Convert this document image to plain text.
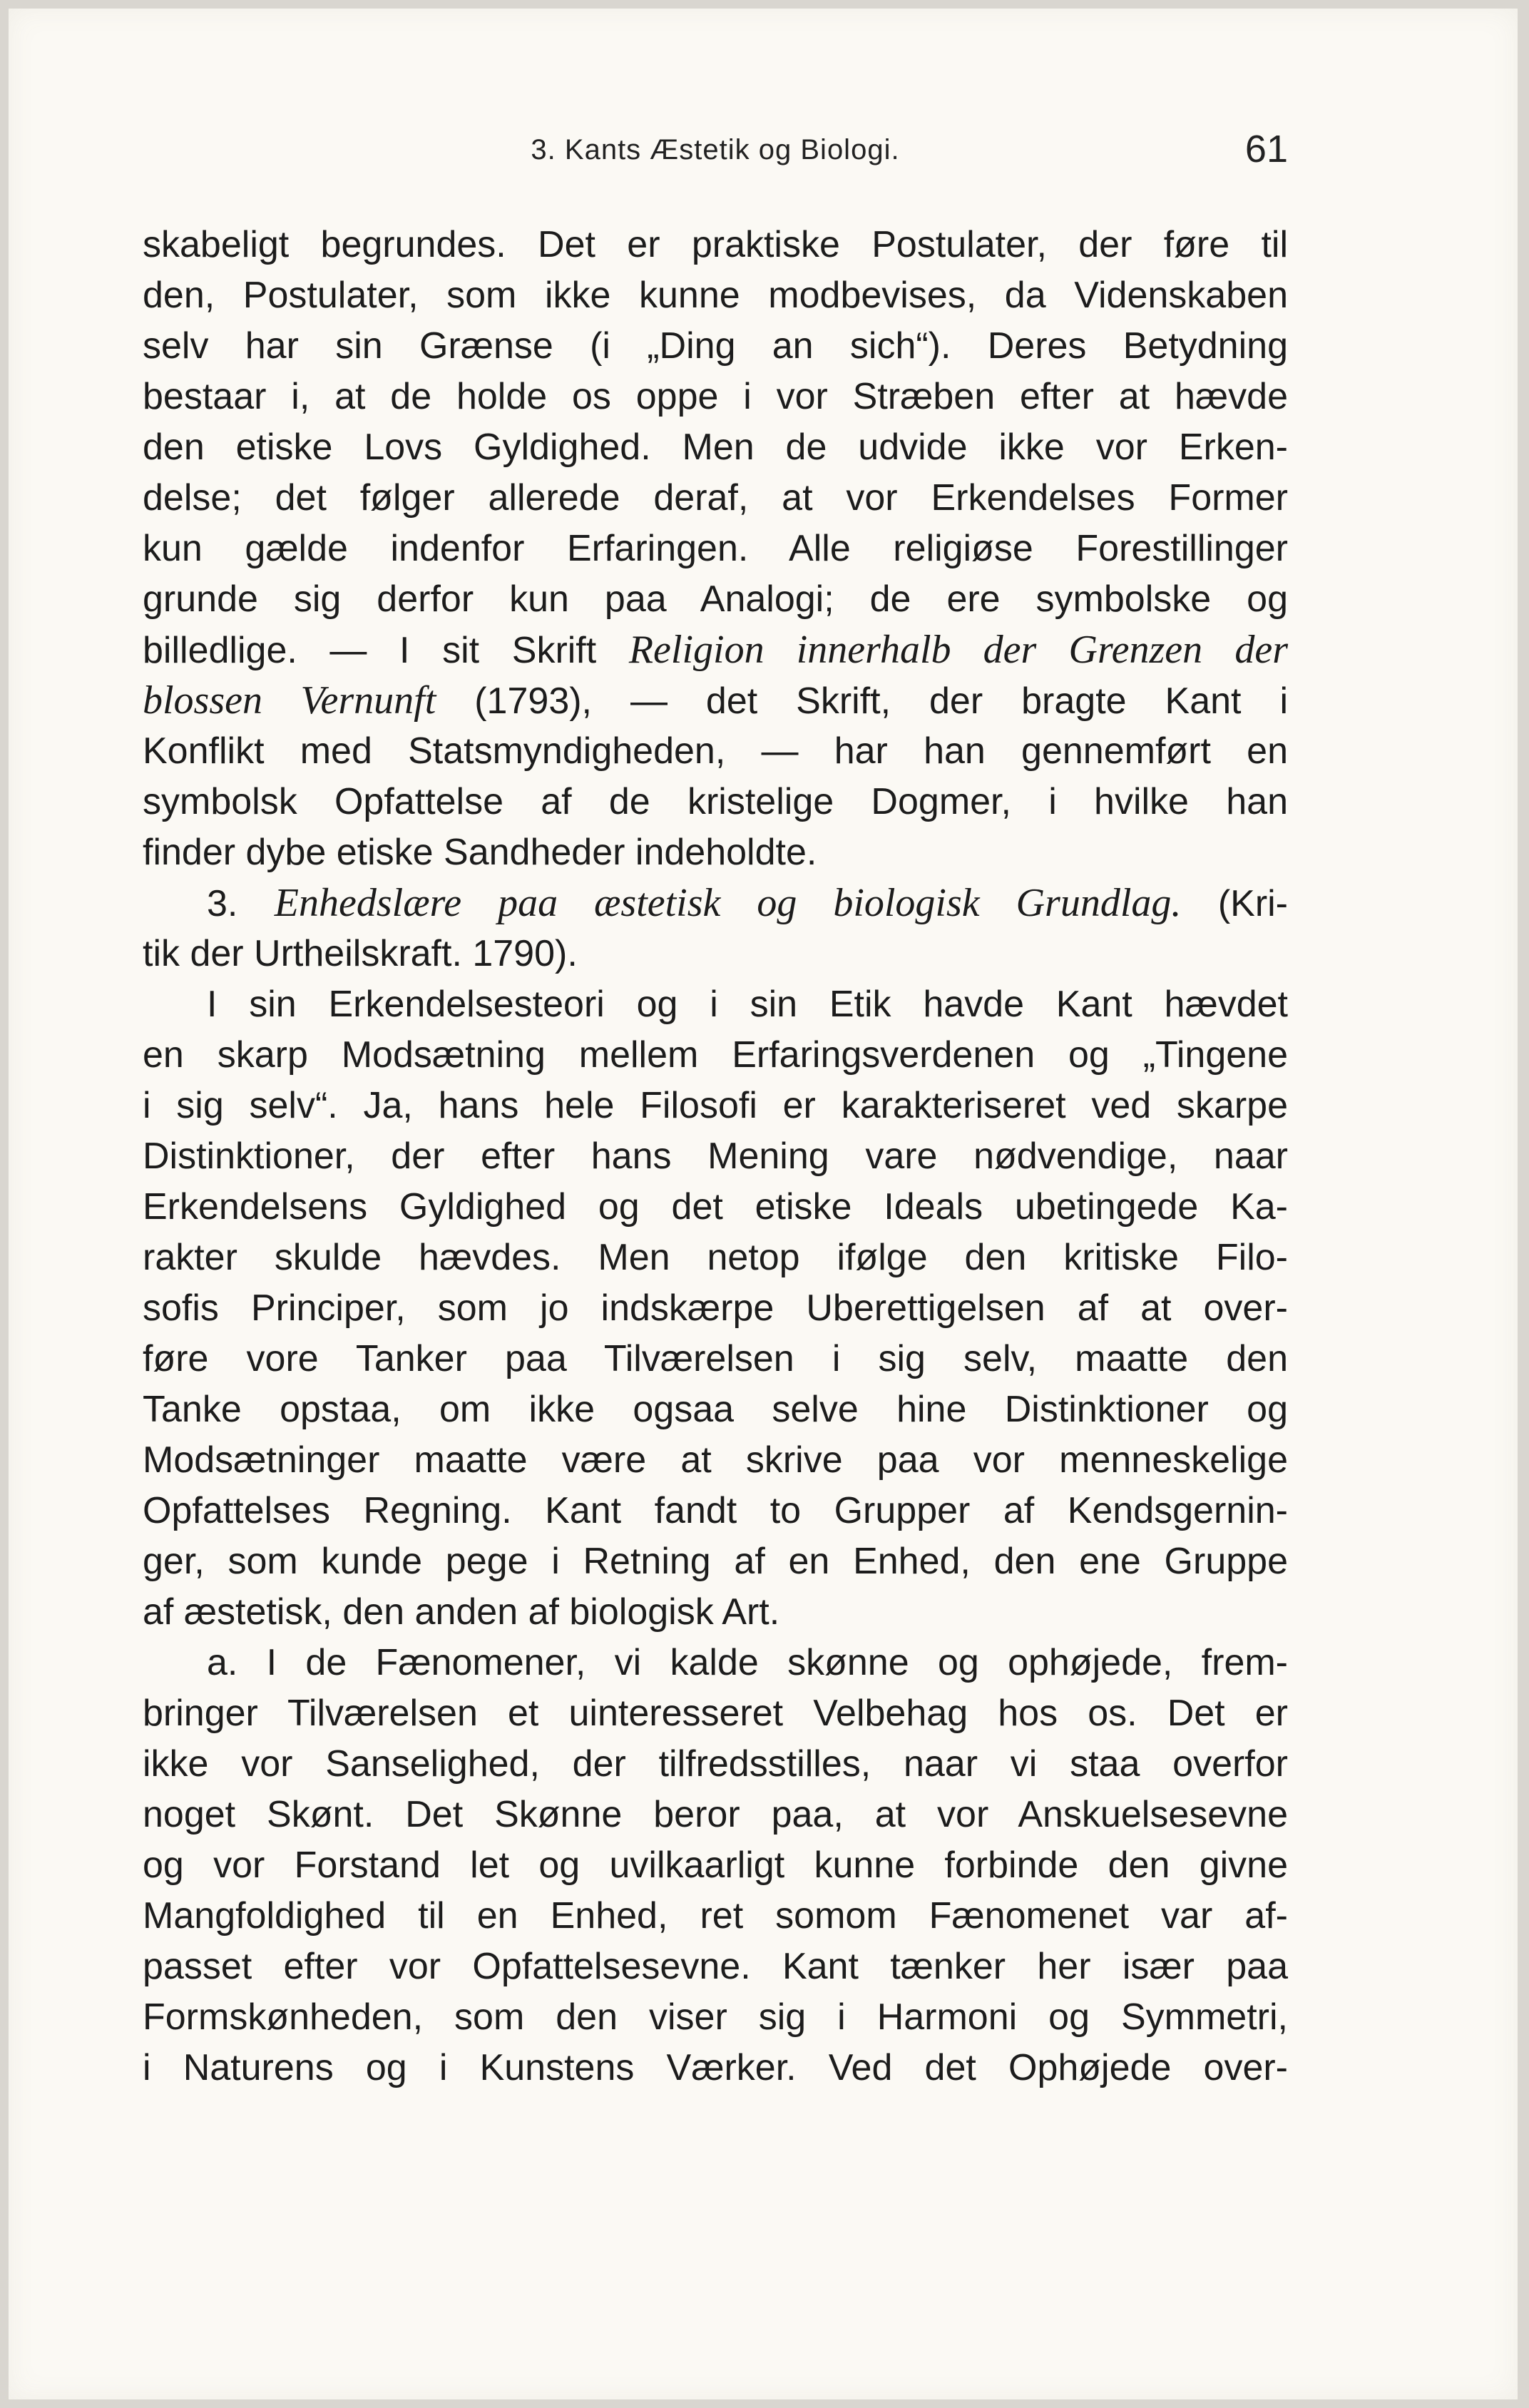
3. Kants Æstetik og Biologi.	61
skabeligt begrundes. Det er praktiske Postulater, der føre til
den, Postulater, som ikke kunne modbevises, da Videnskaben
selv har sin Grænse (i „Ding an sich“). Deres Betydning
bestaar i, at de holde os oppe i vor Stræben efter at hævde
den etiske Lovs Gyldighed. Men de udvide ikke vor Erken-
delse; det følger allerede deraf, at vor Erkendelses Former
kun gælde indenfor Erfaringen. Alle religiøse Forestillinger
grunde sig derfor kun paa Analogi; de ere symbolske og
billedlige. — I sit Skrift Religion innerhalb der Grenzen der
blossen Vernunft (1793), — det Skrift, der bragte Kant i
Konflikt med Statsmyndigheden, — har han gennemført en
symbolsk Opfattelse af de kristelige Dogmer, i hvilke han
finder dybe etiske Sandheder indeholdte.
3. Enhedslære paa æstetisk og biologisk Grundlag. (Kri-
tik der Urtheilskraft. 1790).
I sin Erkendelsesteori og i sin Etik havde Kant hævdet
en skarp Modsætning mellem Erfaringsverdenen og „Tingene
i sig selv“. Ja, hans hele Filosofi er karakteriseret ved skarpe
Distinktioner, der efter hans Mening vare nødvendige, naar
Erkendelsens Gyldighed og det etiske Ideals ubetingede Ka-
rakter skulde hævdes. Men netop ifølge den kritiske Filo-
sofis Principer, som jo indskærpe Uberettigelsen af at over-
føre vore Tanker paa Tilværelsen i sig selv, maatte den
Tanke opstaa, om ikke ogsaa selve hine Distinktioner og
Modsætninger maatte være at skrive paa vor menneskelige
Opfattelses Regning. Kant fandt to Grupper af Kendsgernin-
ger, som kunde pege i Retning af en Enhed, den ene Gruppe
af æstetisk, den anden af biologisk Art.
a. I de Fænomener, vi kalde skønne og ophøjede, frem-
bringer Tilværelsen et uinteresseret Velbehag hos os. Det er
ikke vor Sanselighed, der tilfredsstilles, naar vi staa overfor
noget Skønt. Det Skønne beror paa, at vor Anskuelsesevne
og vor Forstand let og uvilkaarligt kunne forbinde den givne
Mangfoldighed til en Enhed, ret somom Fænomenet var af-
passet efter vor Opfattelsesevne. Kant tænker her især paa
Formskønheden, som den viser sig i Harmoni og Symmetri,
i Naturens og i Kunstens Værker. Ved det Ophøjede over-
